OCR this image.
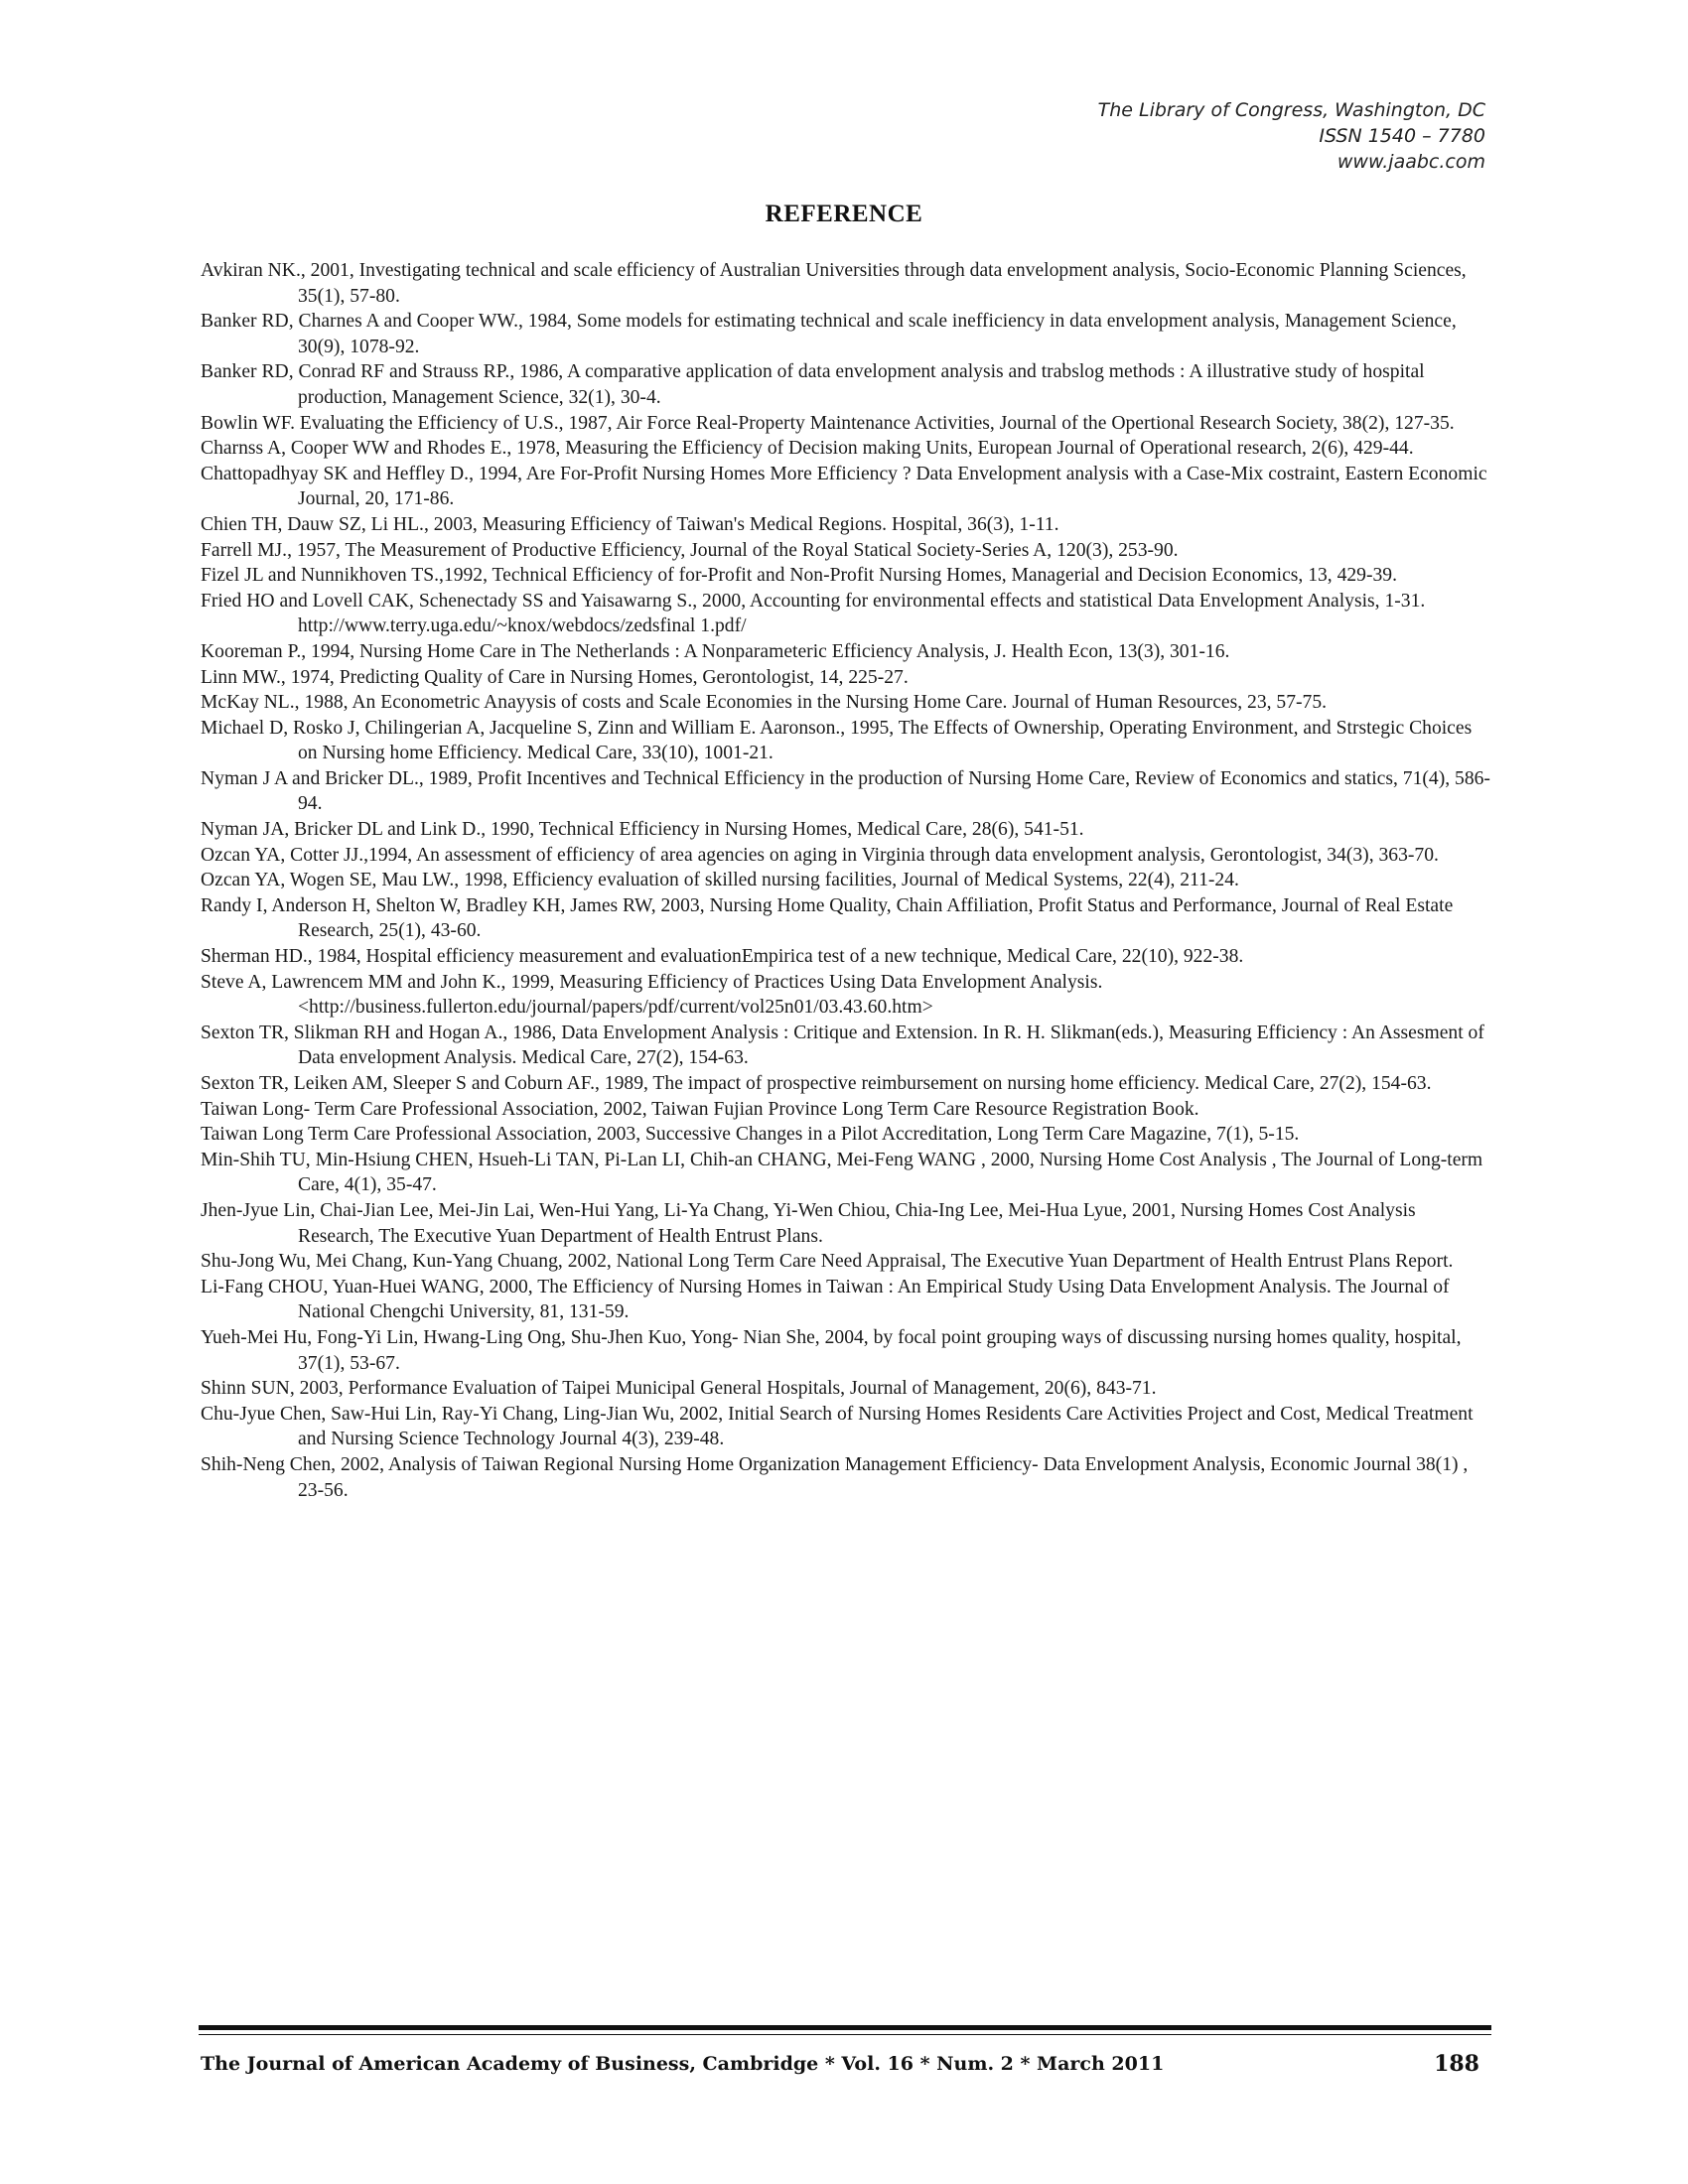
The Library of Congress, Washington, DC
ISSN 1540 – 7780
www.jaabc.com
REFERENCE

Avkiran NK., 2001, Investigating technical and scale efficiency of Australian Universities through data envelopment analysis, Socio-Economic Planning Sciences, 35(1), 57-80.

Banker RD, Charnes A and Cooper WW., 1984, Some models for estimating technical and scale inefficiency in data envelopment analysis, Management Science, 30(9), 1078-92.

Banker RD, Conrad RF and Strauss RP., 1986, A comparative application of data envelopment analysis and trabslog methods : A illustrative study of hospital production, Management Science, 32(1), 30-4.

Bowlin WF. Evaluating the Efficiency of U.S., 1987, Air Force Real-Property Maintenance Activities, Journal of the Opertional Research Society, 38(2), 127-35.

Charnss A, Cooper WW and Rhodes E., 1978, Measuring the Efficiency of Decision making Units, European Journal of Operational research, 2(6), 429-44.

Chattopadhyay SK and Heffley D., 1994, Are For-Profit Nursing Homes More Efficiency ? Data Envelopment analysis with a Case-Mix costraint, Eastern Economic Journal, 20, 171-86.

Chien TH, Dauw SZ, Li HL., 2003, Measuring Efficiency of Taiwan's Medical Regions. Hospital, 36(3), 1-11.

Farrell MJ., 1957, The Measurement of Productive Efficiency, Journal of the Royal Statical Society-Series A, 120(3), 253-90.

Fizel JL and Nunnikhoven TS.,1992, Technical Efficiency of for-Profit and Non-Profit Nursing Homes, Managerial and Decision Economics, 13, 429-39.

Fried HO and Lovell CAK, Schenectady SS and Yaisawarng S., 2000, Accounting for environmental effects and statistical Data Envelopment Analysis, 1-31. http://www.terry.uga.edu/~knox/webdocs/zedsfinal 1.pdf/

Kooreman P., 1994, Nursing Home Care in The Netherlands : A Nonparameteric Efficiency Analysis, J. Health Econ, 13(3), 301-16.

Linn MW., 1974, Predicting Quality of Care in Nursing Homes, Gerontologist, 14, 225-27.

McKay NL., 1988, An Econometric Anayysis of costs and Scale Economies in the Nursing Home Care. Journal of Human Resources, 23, 57-75.

Michael D, Rosko J, Chilingerian A, Jacqueline S, Zinn and William E. Aaronson., 1995, The Effects of Ownership, Operating Environment, and Strstegic Choices on Nursing home Efficiency. Medical Care, 33(10), 1001-21.

Nyman J A and Bricker DL., 1989, Profit Incentives and Technical Efficiency in the production of Nursing Home Care, Review of Economics and statics, 71(4), 586-94.

Nyman JA, Bricker DL and Link D., 1990, Technical Efficiency in Nursing Homes, Medical Care, 28(6), 541-51.

Ozcan YA, Cotter JJ.,1994, An assessment of efficiency of area agencies on aging in Virginia through data envelopment analysis, Gerontologist, 34(3), 363-70.

Ozcan YA, Wogen SE, Mau LW., 1998, Efficiency evaluation of skilled nursing facilities, Journal of Medical Systems, 22(4), 211-24.

Randy I, Anderson H, Shelton W, Bradley KH, James RW, 2003, Nursing Home Quality, Chain Affiliation, Profit Status and Performance, Journal of Real Estate Research, 25(1), 43-60.

Sherman HD., 1984, Hospital efficiency measurement and evaluationEmpirica test of a new technique, Medical Care, 22(10), 922-38.

Steve A, Lawrencem MM and John K., 1999, Measuring Efficiency of Practices Using Data Envelopment Analysis. <http://business.fullerton.edu/journal/papers/pdf/current/vol25n01/03.43.60.htm>

Sexton TR, Slikman RH and Hogan A., 1986, Data Envelopment Analysis : Critique and Extension. In R. H. Slikman(eds.), Measuring Efficiency : An Assesment of Data envelopment Analysis. Medical Care, 27(2), 154-63.

Sexton TR, Leiken AM, Sleeper S and Coburn AF., 1989, The impact of prospective reimbursement on nursing home efficiency. Medical Care, 27(2), 154-63.

Taiwan Long- Term Care Professional Association, 2002, Taiwan Fujian Province Long Term Care Resource Registration Book.

Taiwan Long Term Care Professional Association, 2003, Successive Changes in a Pilot Accreditation, Long Term Care Magazine, 7(1), 5-15.

Min-Shih TU, Min-Hsiung CHEN, Hsueh-Li TAN, Pi-Lan LI, Chih-an CHANG, Mei-Feng WANG , 2000, Nursing Home Cost Analysis , The Journal of Long-term Care, 4(1), 35-47.

Jhen-Jyue Lin, Chai-Jian Lee, Mei-Jin Lai, Wen-Hui Yang, Li-Ya Chang, Yi-Wen Chiou, Chia-Ing Lee, Mei-Hua Lyue, 2001, Nursing Homes Cost Analysis Research, The Executive Yuan Department of Health Entrust Plans.

Shu-Jong Wu, Mei Chang, Kun-Yang Chuang, 2002, National Long Term Care Need Appraisal, The Executive Yuan Department of Health Entrust Plans Report.

Li-Fang CHOU, Yuan-Huei WANG, 2000, The Efficiency of Nursing Homes in Taiwan : An Empirical Study Using Data Envelopment Analysis. The Journal of National Chengchi University, 81, 131-59.

Yueh-Mei Hu, Fong-Yi Lin, Hwang-Ling Ong, Shu-Jhen Kuo, Yong- Nian She, 2004, by focal point grouping ways of discussing nursing homes quality, hospital, 37(1), 53-67.

Shinn SUN, 2003, Performance Evaluation of Taipei Municipal General Hospitals, Journal of Management, 20(6), 843-71.

Chu-Jyue Chen, Saw-Hui Lin, Ray-Yi Chang, Ling-Jian Wu, 2002, Initial Search of Nursing Homes Residents Care Activities Project and Cost, Medical Treatment and Nursing Science Technology Journal 4(3), 239-48.

Shih-Neng Chen, 2002, Analysis of Taiwan Regional Nursing Home Organization Management Efficiency- Data Envelopment Analysis, Economic Journal 38(1) , 23-56.

The Journal of American Academy of Business, Cambridge * Vol. 16 * Num. 2 * March 2011	188
